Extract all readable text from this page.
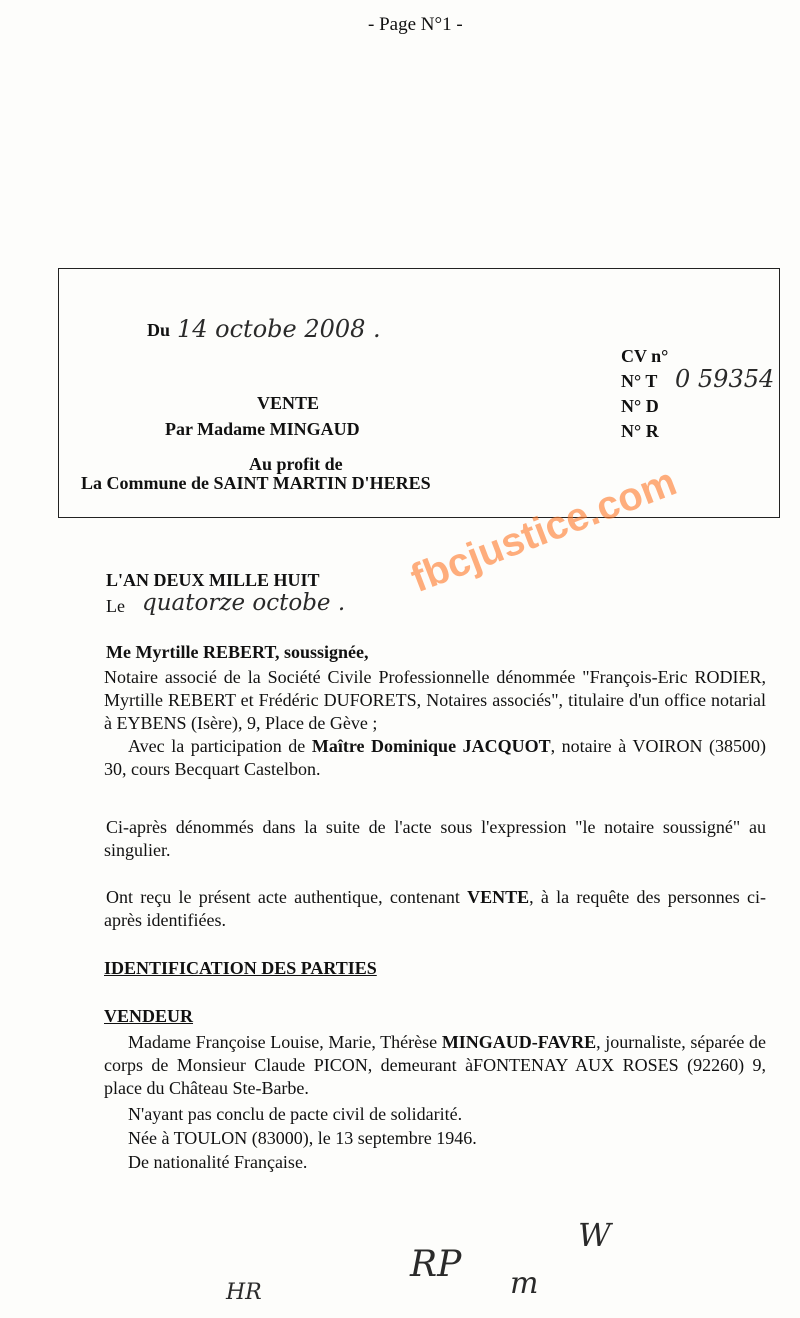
- Page N°1 -
Du 14 octobe 2008 .
VENTE
Par Madame MINGAUD
Au profit de
La Commune de SAINT MARTIN D'HERES
CV n°
N° T 0 59354
N° D
N° R
L'AN DEUX MILLE HUIT
Le quatorze octobe .
Me Myrtille REBERT, soussignée,
Notaire associé de la Société Civile Professionnelle dénommée "François-Eric RODIER, Myrtille REBERT et Frédéric DUFORETS, Notaires associés", titulaire d'un office notarial à EYBENS (Isère), 9, Place de Gève ;
Avec la participation de Maître Dominique JACQUOT, notaire à VOIRON (38500) 30, cours Becquart Castelbon.
Ci-après dénommés dans la suite de l'acte sous l'expression "le notaire soussigné" au singulier.
Ont reçu le présent acte authentique, contenant VENTE, à la requête des personnes ci-après identifiées.
IDENTIFICATION DES PARTIES
VENDEUR
Madame Françoise Louise, Marie, Thérèse MINGAUD-FAVRE, journaliste, séparée de corps de Monsieur Claude PICON, demeurant àFONTENAY AUX ROSES (92260) 9, place du Château Ste-Barbe.
N'ayant pas conclu de pacte civil de solidarité.
Née à TOULON (83000), le 13 septembre 1946.
De nationalité Française.
HR
RP m
W
fbcjustice.com
